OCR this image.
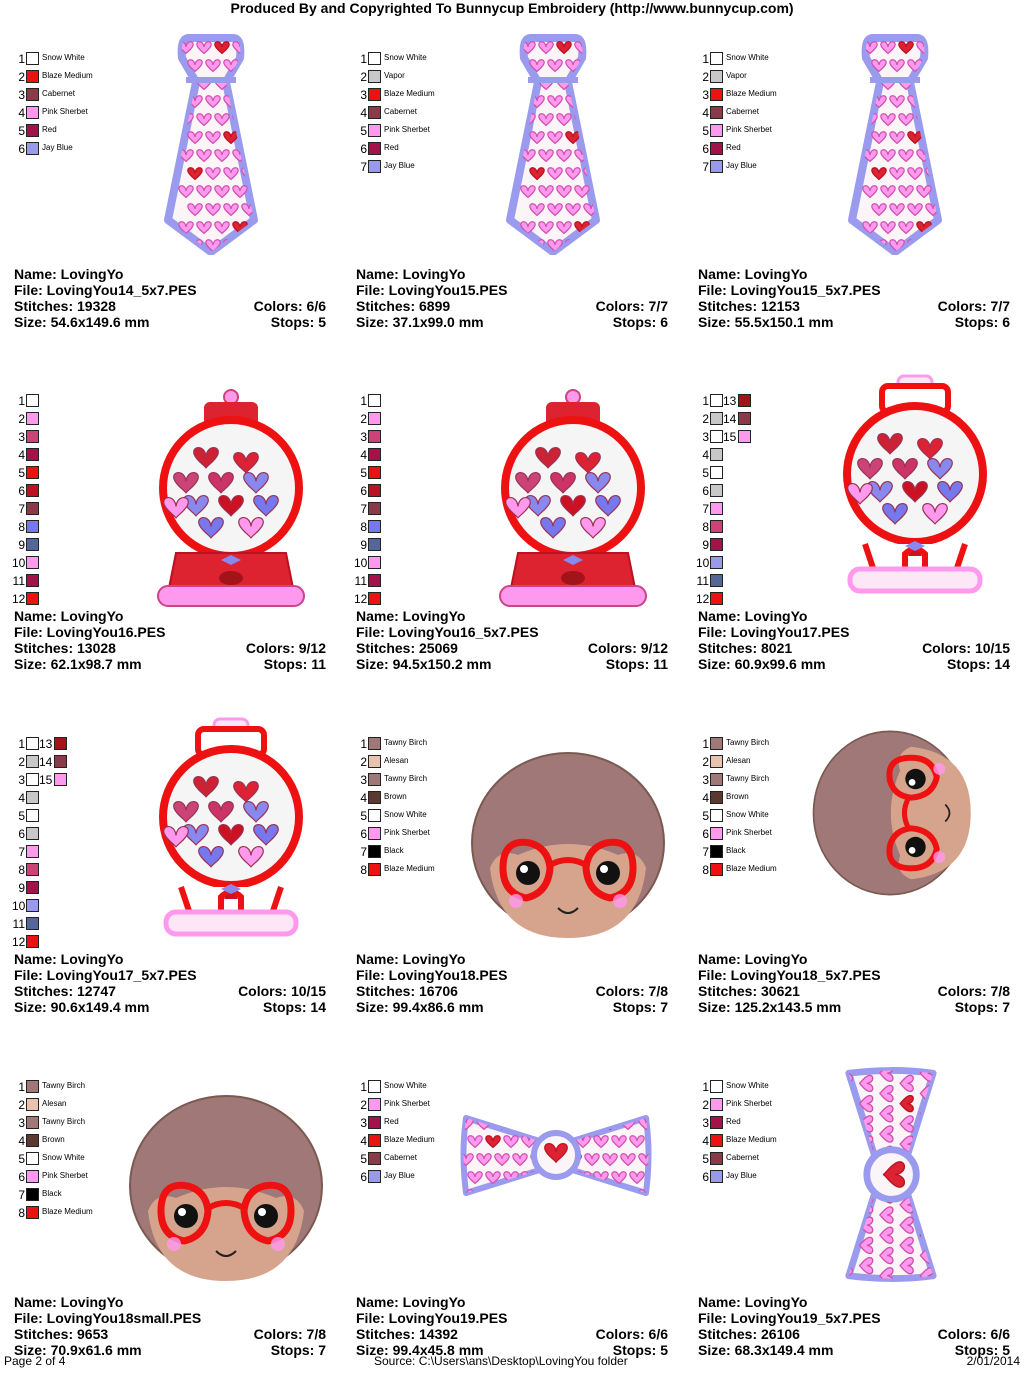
Produced By and Copyrighted To Bunnycup Embroidery (http://www.bunnycup.com)
1 Snow White
2 Blaze Medium
3 Cabernet
4 Pink Sherbet
5 Red
6 Jay Blue
Name: LovingYo
File: LovingYou14_5x7.PES
Stitches: 19328	Colors: 6/6
Size: 54.6x149.6 mm	Stops: 5
1 Snow White
2 Vapor
3 Blaze Medium
4 Cabernet
5 Pink Sherbet
6 Red
7 Jay Blue
Name: LovingYo
File: LovingYou15.PES
Stitches: 6899	Colors: 7/7
Size: 37.1x99.0 mm	Stops: 6
1 Snow White
2 Vapor
3 Blaze Medium
4 Cabernet
5 Pink Sherbet
6 Red
7 Jay Blue
Name: LovingYo
File: LovingYou15_5x7.PES
Stitches: 12153	Colors: 7/7
Size: 55.5x150.1 mm	Stops: 6
1
2
3
4
5
6
7
8
9
10
11
12
Name: LovingYo
File: LovingYou16.PES
Stitches: 13028	Colors: 9/12
Size: 62.1x98.7 mm	Stops: 11
1
2
3
4
5
6
7
8
9
10
11
12
Name: LovingYo
File: LovingYou16_5x7.PES
Stitches: 25069	Colors: 9/12
Size: 94.5x150.2 mm	Stops: 11
1 13
2 14
3 15
4
5
6
7
8
9
10
11
12
Name: LovingYo
File: LovingYou17.PES
Stitches: 8021	Colors: 10/15
Size: 60.9x99.6 mm	Stops: 14
1 13
2 14
3 15
4
5
6
7
8
9
10
11
12
Name: LovingYo
File: LovingYou17_5x7.PES
Stitches: 12747	Colors: 10/15
Size: 90.6x149.4 mm	Stops: 14
1 Tawny Birch
2 Alesan
3 Tawny Birch
4 Brown
5 Snow White
6 Pink Sherbet
7 Black
8 Blaze Medium
Name: LovingYo
File: LovingYou18.PES
Stitches: 16706	Colors: 7/8
Size: 99.4x86.6 mm	Stops: 7
1 Tawny Birch
2 Alesan
3 Tawny Birch
4 Brown
5 Snow White
6 Pink Sherbet
7 Black
8 Blaze Medium
Name: LovingYo
File: LovingYou18_5x7.PES
Stitches: 30621	Colors: 7/8
Size: 125.2x143.5 mm	Stops: 7
1 Tawny Birch
2 Alesan
3 Tawny Birch
4 Brown
5 Snow White
6 Pink Sherbet
7 Black
8 Blaze Medium
Name: LovingYo
File: LovingYou18small.PES
Stitches: 9653	Colors: 7/8
Size: 70.9x61.6 mm	Stops: 7
1 Snow White
2 Pink Sherbet
3 Red
4 Blaze Medium
5 Cabernet
6 Jay Blue
Name: LovingYo
File: LovingYou19.PES
Stitches: 14392	Colors: 6/6
Size: 99.4x45.8 mm	Stops: 5
1 Snow White
2 Pink Sherbet
3 Red
4 Blaze Medium
5 Cabernet
6 Jay Blue
Name: LovingYo
File: LovingYou19_5x7.PES
Stitches: 26106	Colors: 6/6
Size: 68.3x149.4 mm	Stops: 5
Page 2 of 4	Source: C:\Users\ans\Desktop\LovingYou folder	2/01/2014
